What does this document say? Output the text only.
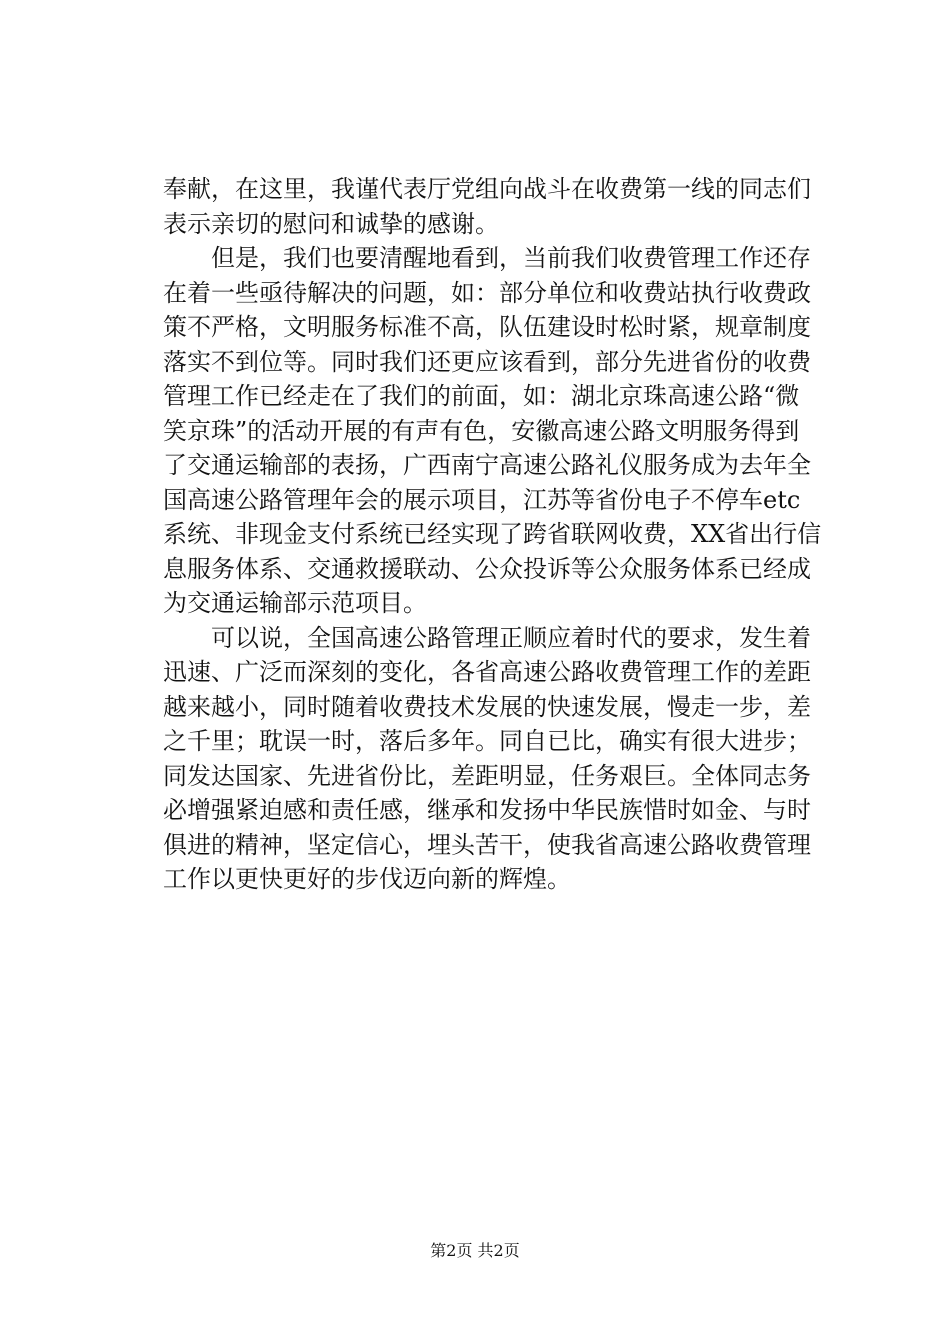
奉献，在这里，我谨代表厅党组向战斗在收费第一线的同志们
表示亲切的慰问和诚挚的感谢。
　　但是，我们也要清醒地看到，当前我们收费管理工作还存
在着一些亟待解决的问题，如：部分单位和收费站执行收费政
策不严格，文明服务标准不高，队伍建设时松时紧，规章制度
落实不到位等。同时我们还更应该看到，部分先进省份的收费
管理工作已经走在了我们的前面，如：湖北京珠高速公路“微
笑京珠”的活动开展的有声有色，安徽高速公路文明服务得到
了交通运输部的表扬，广西南宁高速公路礼仪服务成为去年全
国高速公路管理年会的展示项目，江苏等省份电子不停车etc
系统、非现金支付系统已经实现了跨省联网收费，XX省出行信
息服务体系、交通救援联动、公众投诉等公众服务体系已经成
为交通运输部示范项目。
　　可以说，全国高速公路管理正顺应着时代的要求，发生着
迅速、广泛而深刻的变化，各省高速公路收费管理工作的差距
越来越小，同时随着收费技术发展的快速发展，慢走一步，差
之千里；耽误一时，落后多年。同自已比，确实有很大进步；
同发达国家、先进省份比，差距明显，任务艰巨。全体同志务
必增强紧迫感和责任感，继承和发扬中华民族惜时如金、与时
俱进的精神，坚定信心，埋头苦干，使我省高速公路收费管理
工作以更快更好的步伐迈向新的辉煌。
第2页 共2页
